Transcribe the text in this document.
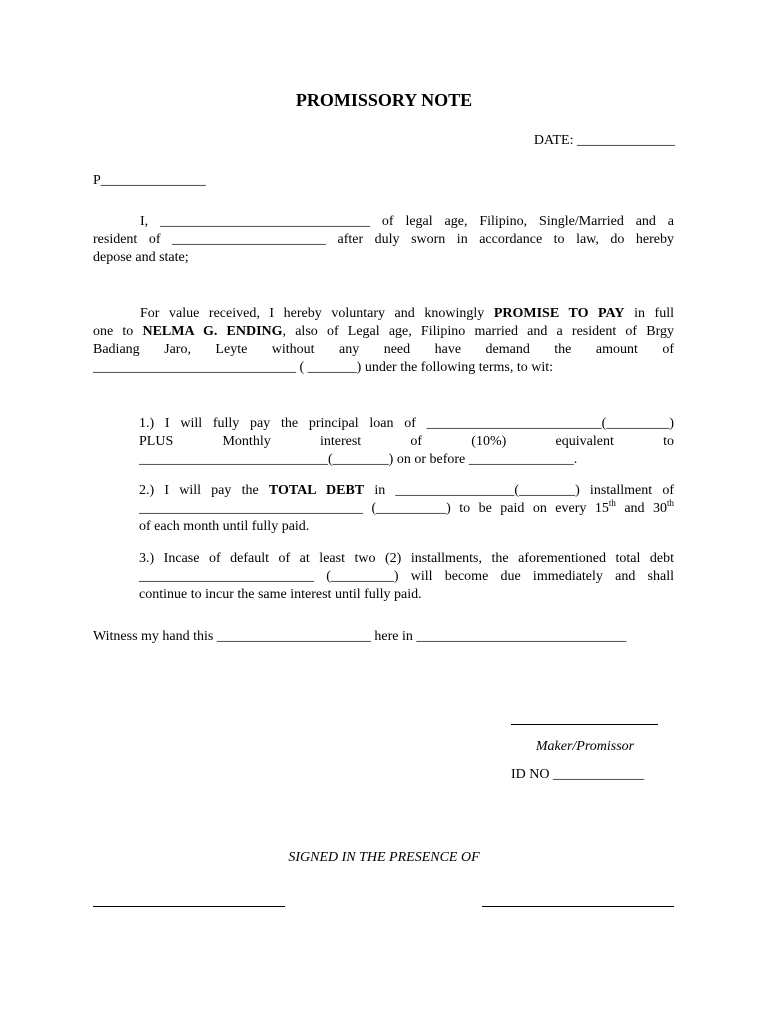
PROMISSORY NOTE
DATE: ______________
P_______________
I, ______________________________ of legal age, Filipino, Single/Married and a
resident of ______________________ after duly sworn in accordance to law, do hereby
depose and state;
For value received, I hereby voluntary and knowingly PROMISE TO PAY in full
one to NELMA G. ENDING, also of Legal age, Filipino married and a resident of Brgy
Badiang Jaro, Leyte without any need have demand the amount of
_____________________________ ( _______) under the following terms, to wit:
1.) I will fully pay the principal loan of _________________________(_________)
PLUS Monthly interest of (10%) equivalent to
___________________________(________) on or before _______________.
2.) I will pay the TOTAL DEBT in _________________(________) installment of
________________________________ (__________) to be paid on every 15th and 30th
of each month until fully paid.
3.) Incase of default of at least two (2) installments, the aforementioned total debt
_________________________ (_________) will become due immediately and shall
continue to incur the same interest until fully paid.
Witness my hand this ______________________ here in ______________________________
Maker/Promissor
ID NO _____________
SIGNED IN THE PRESENCE OF
